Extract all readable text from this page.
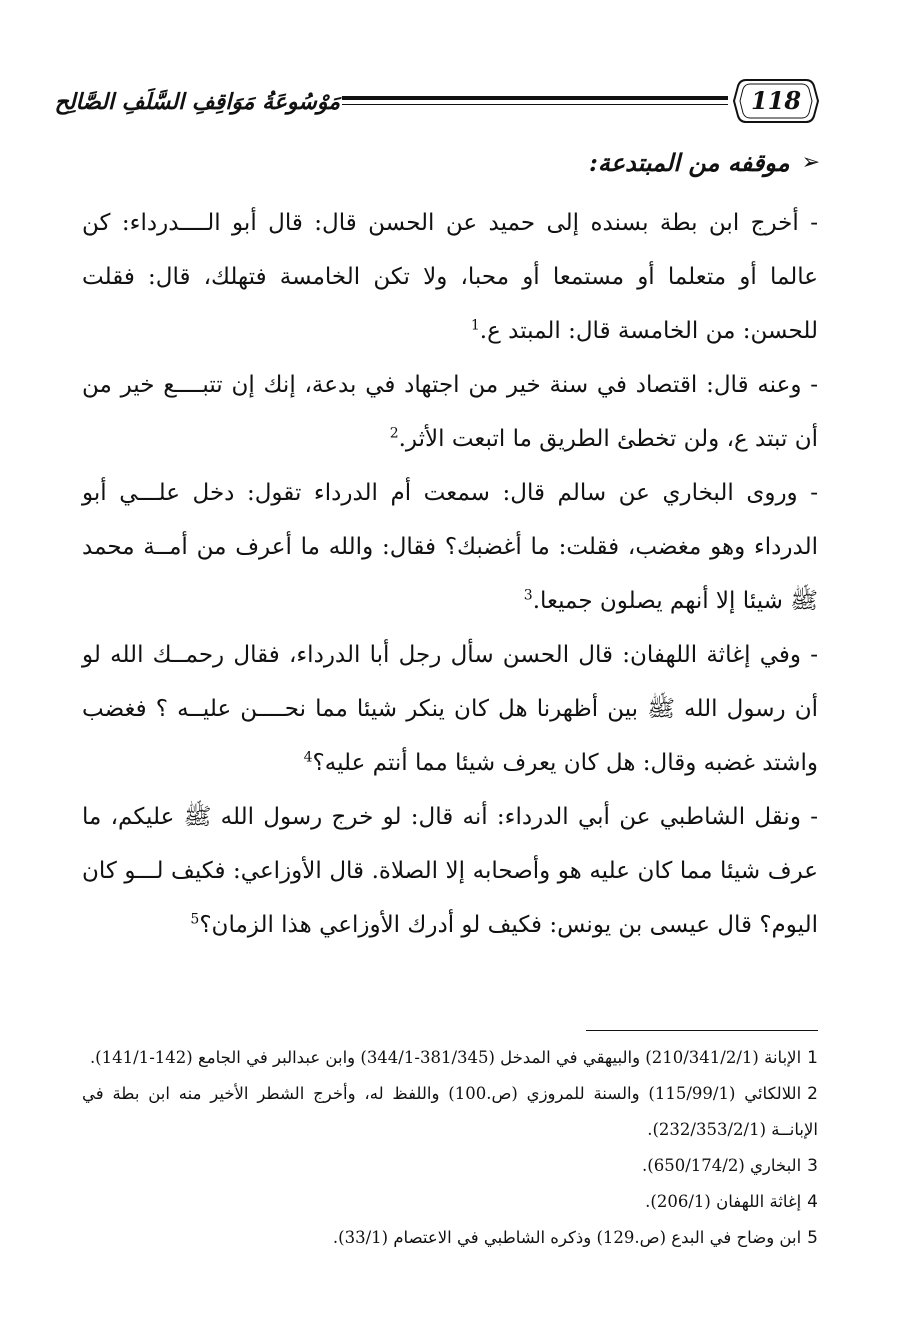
مَوْسُوعَةُ مَوَاقِفِ السَّلَفِ الصَّالِح	118
➢
موقفه من المبتدعة:

- أخرج ابن بطة بسنده إلى حميد عن الحسن قال: قال أبو الــــدرداء: كن عالما أو متعلما أو مستمعا أو محبا، ولا تكن الخامسة فتهلك، قال: فقلت للحسن: من الخامسة قال: المبتد ع.$^1$

- وعنه قال: اقتصاد في سنة خير من اجتهاد في بدعة، إنك إن تتبــــع خير من أن تبتد ع، ولن تخطئ الطريق ما اتبعت الأثر.$^2$

- وروى البخاري عن سالم قال: سمعت أم الدرداء تقول: دخل علـــي أبو الدرداء وهو مغضب، فقلت: ما أغضبك؟ فقال: والله ما أعرف من أمــة محمد ﷺ شيئا إلا أنهم يصلون جميعا.$^3$

- وفي إغاثة اللهفان: قال الحسن سأل رجل أبا الدرداء، فقال رحمــك الله لو أن رسول الله ﷺ بين أظهرنا هل كان ينكر شيئا مما نحــــن عليــه ؟ فغضب واشتد غضبه وقال: هل كان يعرف شيئا مما أنتم عليه؟$^4$

- ونقل الشاطبي عن أبي الدرداء: أنه قال: لو خرج رسول الله ﷺ عليكم، ما عرف شيئا مما كان عليه هو وأصحابه إلا الصلاة. قال الأوزاعي: فكيف لـــو كان اليوم؟ قال عيسى بن يونس: فكيف لو أدرك الأوزاعي هذا الزمان؟$^5$

1الإبانة (210/341/2/1) والبيهقي في المدخل (381/345-344/1) وابن عبدالبر في الجامع (142-141/1).

2اللالكائي (115/99/1) والسنة للمروزي (ص.100) واللفظ له، وأخرج الشطر الأخير منه ابن بطة في الإبانــة (232/353/2/1).

3البخاري (650/174/2).

4إغاثة اللهفان (206/1).

5ابن وضاح في البدع (ص.129) وذكره الشاطبي في الاعتصام (33/1).
